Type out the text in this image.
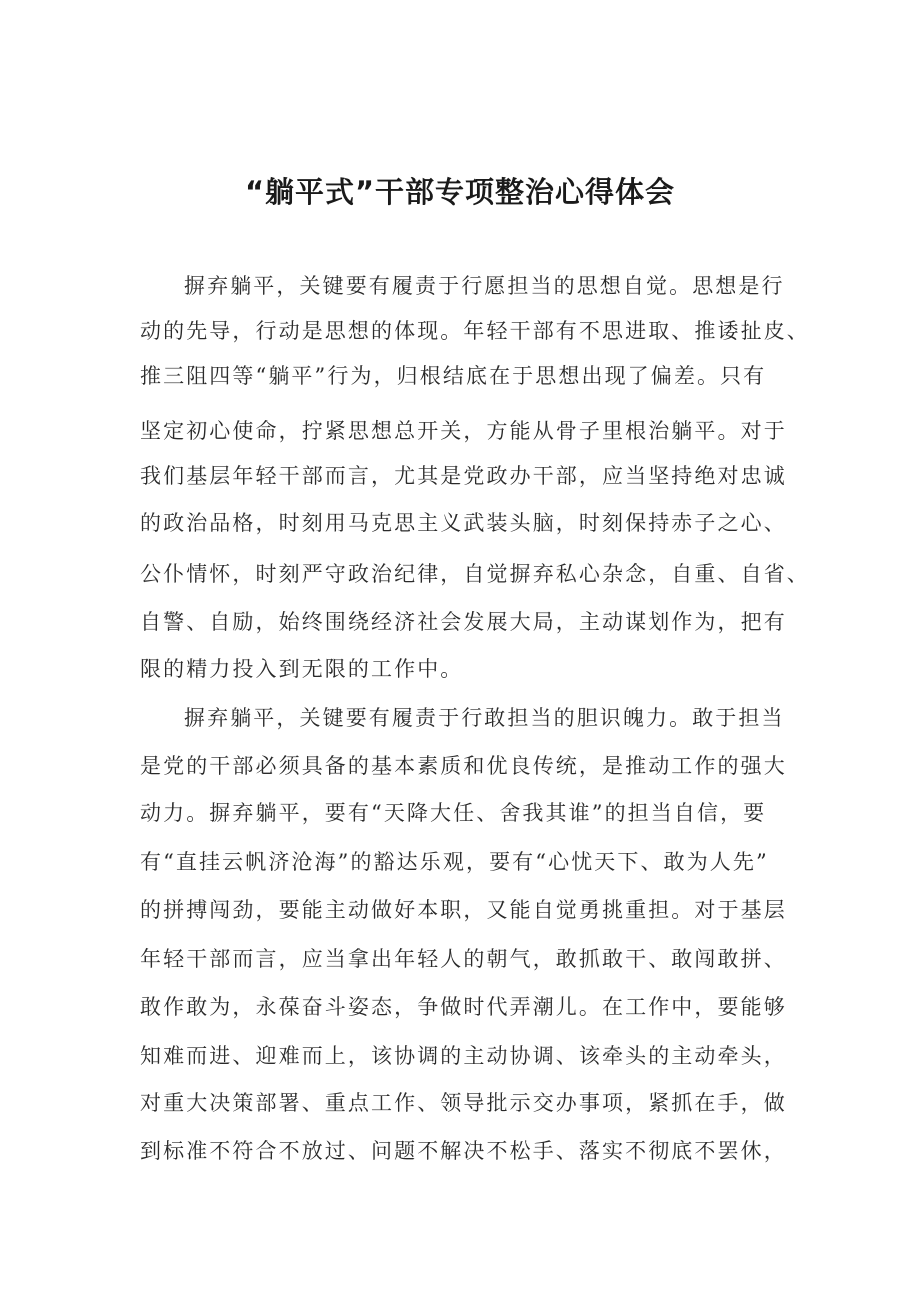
“躺平式”干部专项整治心得体会
摒弃躺平，关键要有履责于行愿担当的思想自觉。思想是行
动的先导，行动是思想的体现。年轻干部有不思进取、推诿扯皮、
推三阻四等“躺平”行为，归根结底在于思想出现了偏差。只有
坚定初心使命，拧紧思想总开关，方能从骨子里根治躺平。对于
我们基层年轻干部而言，尤其是党政办干部，应当坚持绝对忠诚
的政治品格，时刻用马克思主义武装头脑，时刻保持赤子之心、
公仆情怀，时刻严守政治纪律，自觉摒弃私心杂念，自重、自省、
自警、自励，始终围绕经济社会发展大局，主动谋划作为，把有
限的精力投入到无限的工作中。
摒弃躺平，关键要有履责于行敢担当的胆识魄力。敢于担当
是党的干部必须具备的基本素质和优良传统，是推动工作的强大
动力。摒弃躺平，要有“天降大任、舍我其谁”的担当自信，要
有“直挂云帆济沧海”的豁达乐观，要有“心忧天下、敢为人先”
的拼搏闯劲，要能主动做好本职，又能自觉勇挑重担。对于基层
年轻干部而言，应当拿出年轻人的朝气，敢抓敢干、敢闯敢拼、
敢作敢为，永葆奋斗姿态，争做时代弄潮儿。在工作中，要能够
知难而进、迎难而上，该协调的主动协调、该牵头的主动牵头，
对重大决策部署、重点工作、领导批示交办事项，紧抓在手，做
到标准不符合不放过、问题不解决不松手、落实不彻底不罢休，
